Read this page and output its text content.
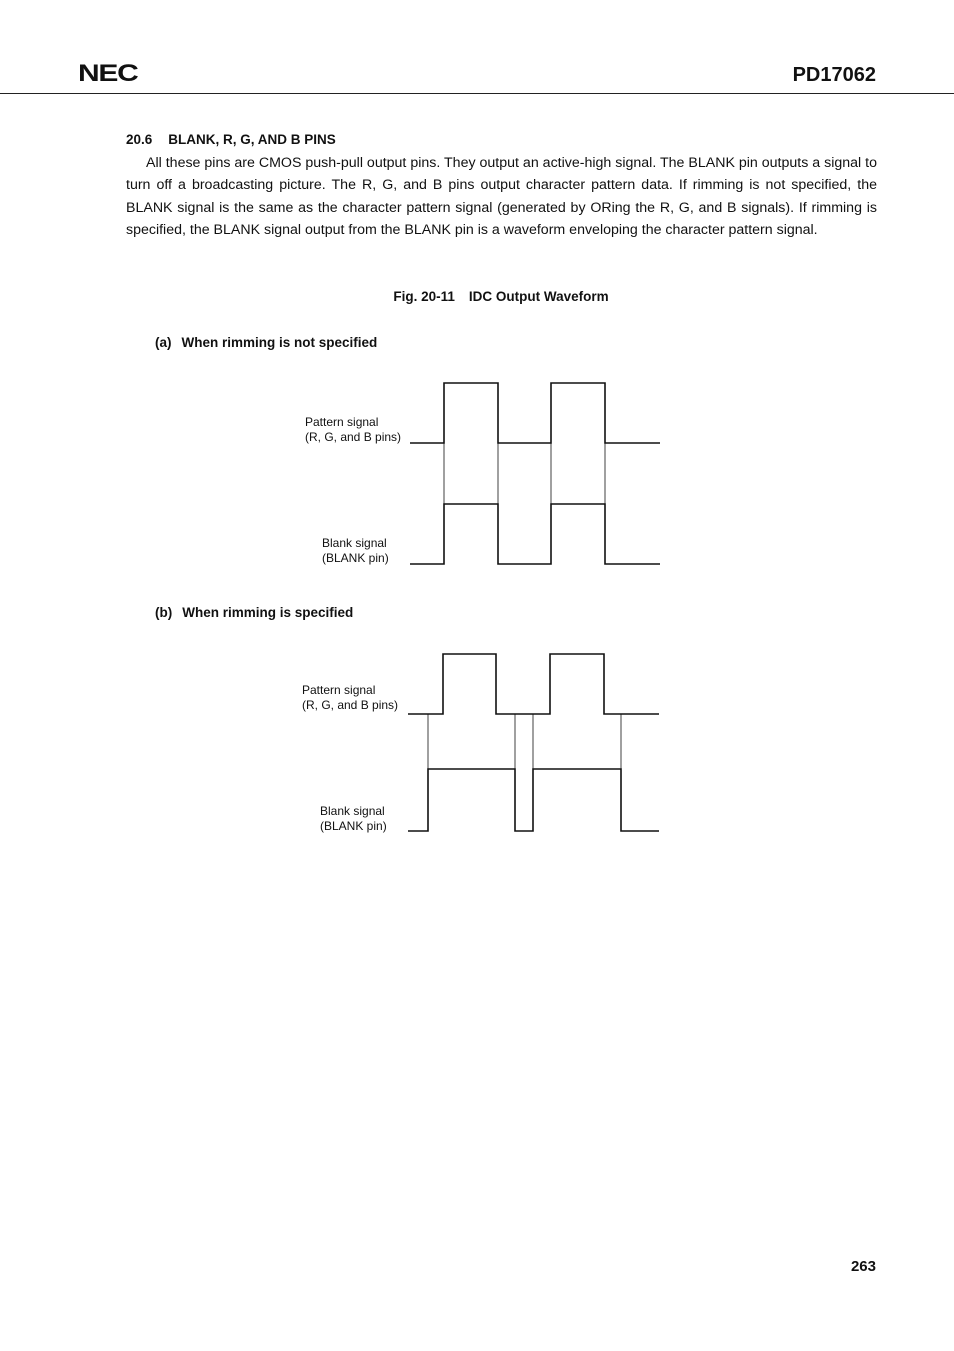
NEC	PD17062
20.6 BLANK, R, G, AND B PINS
All these pins are CMOS push-pull output pins. They output an active-high signal. The BLANK pin outputs a signal to turn off a broadcasting picture. The R, G, and B pins output character pattern data. If rimming is not specified, the BLANK signal is the same as the character pattern signal (generated by ORing the R, G, and B signals). If rimming is specified, the BLANK signal output from the BLANK pin is a waveform enveloping the character pattern signal.
Fig. 20-11 IDC Output Waveform
(a) When rimming is not specified
Pattern signal
(R, G, and B pins)
Blank signal
(BLANK pin)
(b) When rimming is specified
Pattern signal
(R, G, and B pins)
Blank signal
(BLANK pin)
263
